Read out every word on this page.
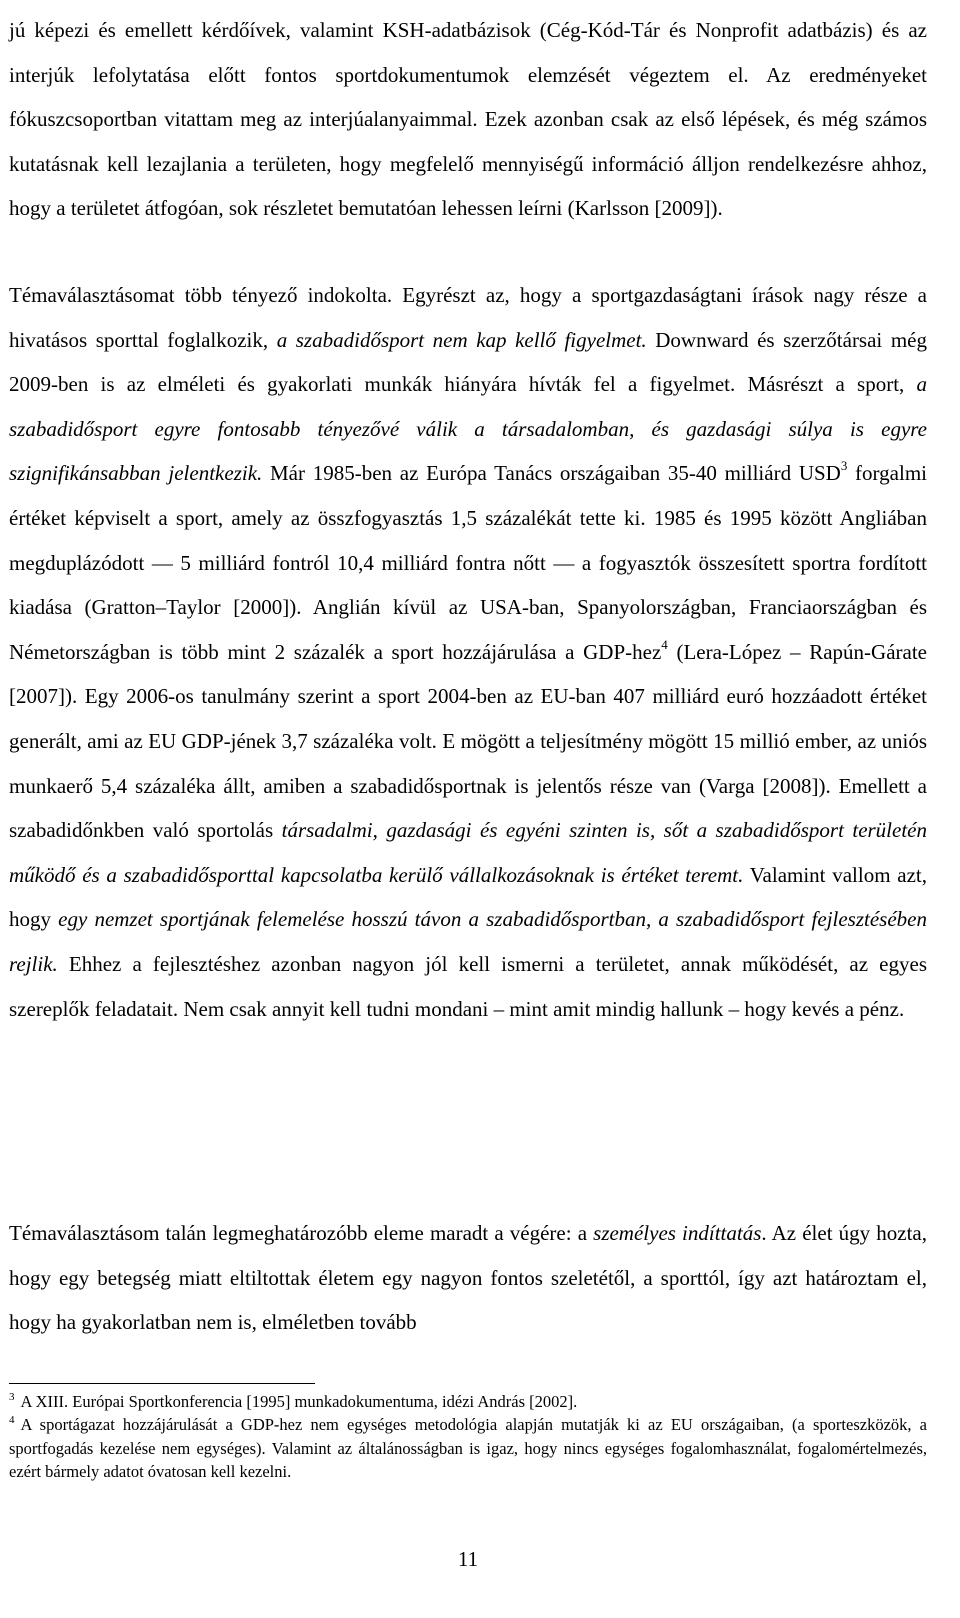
jú képezi és emellett kérdőívek, valamint KSH-adatbázisok (Cég-Kód-Tár és Nonprofit adatbázis) és az interjúk lefolytatása előtt fontos sportdokumentumok elemzését végeztem el. Az eredményeket fókuszcsoportban vitattam meg az interjúalanyaimmal. Ezek azonban csak az első lépések, és még számos kutatásnak kell lezajlania a területen, hogy megfelelő mennyiségű információ álljon rendelkezésre ahhoz, hogy a területet átfogóan, sok részletet bemutatóan lehessen leírni (Karlsson [2009]).

Témaválasztásomat több tényező indokolta. Egyrészt az, hogy a sportgazdaságtani írások nagy része a hivatásos sporttal foglalkozik, a szabadidősport nem kap kellő figyelmet. Downward és szerzőtársai még 2009-ben is az elméleti és gyakorlati munkák hiányára hívták fel a figyelmet. Másrészt a sport, a szabadidősport egyre fontosabb tényezővé válik a társadalomban, és gazdasági súlya is egyre szignifikánsabban jelentkezik. Már 1985-ben az Európa Tanács országaiban 35-40 milliárd USD$^3$ forgalmi értéket képviselt a sport, amely az összfogyasztás 1,5 százalékát tette ki. 1985 és 1995 között Angliában megduplázódott — 5 milliárd fontról 10,4 milliárd fontra nőtt — a fogyasztók összesített sportra fordított kiadása (Gratton–Taylor [2000]). Anglián kívül az USA-ban, Spanyolországban, Franciaországban és Németországban is több mint 2 százalék a sport hozzájárulása a GDP-hez$^4$ (Lera-López – Rapún-Gárate [2007]). Egy 2006-os tanulmány szerint a sport 2004-ben az EU-ban 407 milliárd euró hozzáadott értéket generált, ami az EU GDP-jének 3,7 százaléka volt. E mögött a teljesítmény mögött 15 millió ember, az uniós munkaerő 5,4 százaléka állt, amiben a szabadidősportnak is jelentős része van (Varga [2008]). Emellett a szabadidőnkben való sportolás társadalmi, gazdasági és egyéni szinten is, sőt a szabadidősport területén működő és a szabadidősporttal kapcsolatba kerülő vállalkozásoknak is értéket teremt. Valamint vallom azt, hogy egy nemzet sportjának felemelése hosszú távon a szabadidősportban, a szabadidősport fejlesztésében rejlik. Ehhez a fejlesztéshez azonban nagyon jól kell ismerni a területet, annak működését, az egyes szereplők feladatait. Nem csak annyit kell tudni mondani – mint amit mindig hallunk – hogy kevés a pénz.

Témaválasztásom talán legmeghatározóbb eleme maradt a végére: a személyes indíttatás. Az élet úgy hozta, hogy egy betegség miatt eltiltottak életem egy nagyon fontos szeletétől, a sporttól, így azt határoztam el, hogy ha gyakorlatban nem is, elméletben tovább

$^3$ A XIII. Európai Sportkonferencia [1995] munkadokumentuma, idézi András [2002].

$^4$ A sportágazat hozzájárulását a GDP-hez nem egységes metodológia alapján mutatják ki az EU országaiban, (a sporteszközök, a sportfogadás kezelése nem egységes). Valamint az általánosságban is igaz, hogy nincs egységes fogalomhasználat, fogalomértelmezés, ezért bármely adatot óvatosan kell kezelni.

11
